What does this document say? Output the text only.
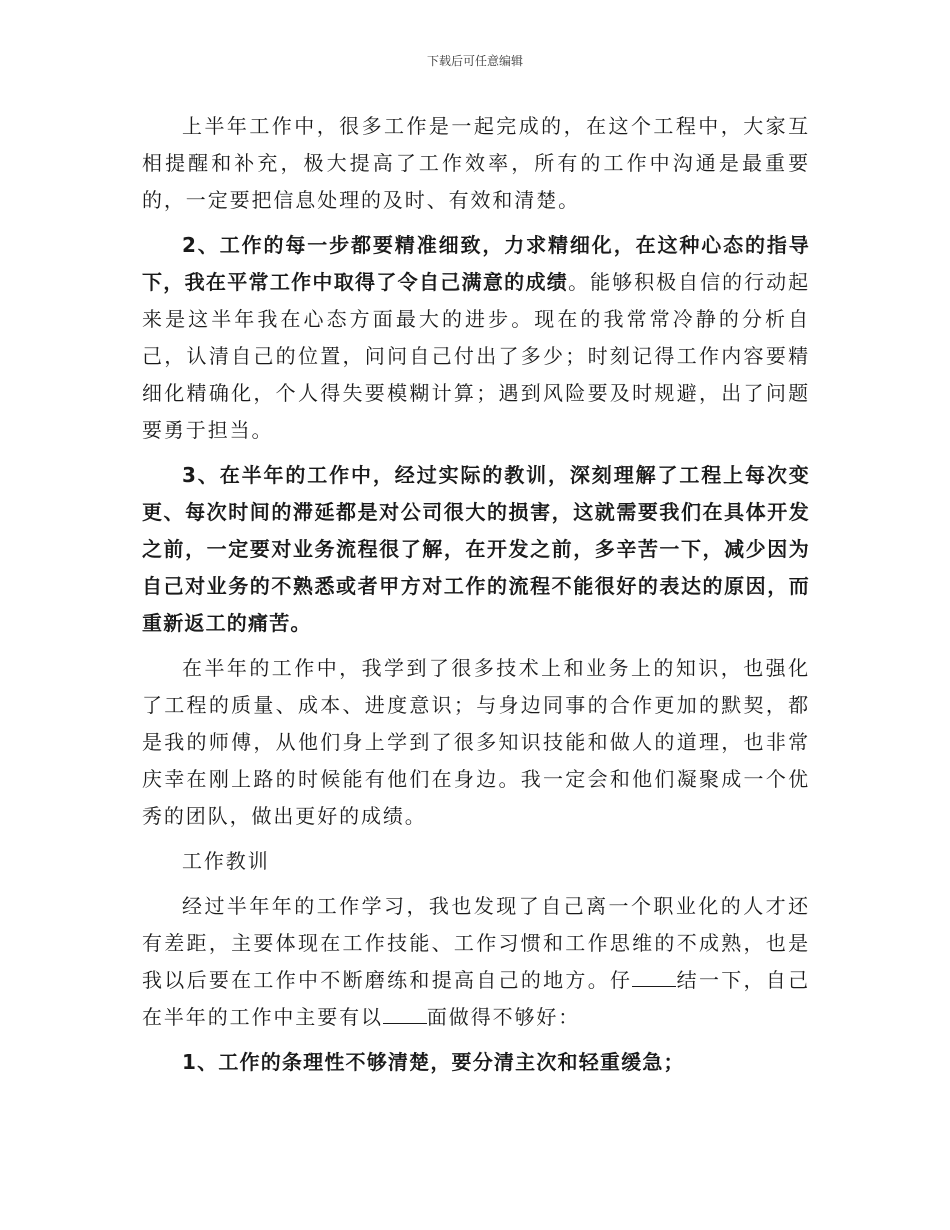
下载后可任意编辑

上半年工作中，很多工作是一起完成的，在这个工程中，大家互相提醒和补充，极大提高了工作效率，所有的工作中沟通是最重要的，一定要把信息处理的及时、有效和清楚。

2、工作的每一步都要精准细致，力求精细化，在这种心态的指导下，我在平常工作中取得了令自己满意的成绩。能够积极自信的行动起来是这半年我在心态方面最大的进步。现在的我常常冷静的分析自己，认清自己的位置，问问自己付出了多少；时刻记得工作内容要精细化精确化，个人得失要模糊计算；遇到风险要及时规避，出了问题要勇于担当。

3、在半年的工作中，经过实际的教训，深刻理解了工程上每次变更、每次时间的滞延都是对公司很大的损害，这就需要我们在具体开发之前，一定要对业务流程很了解，在开发之前，多辛苦一下，减少因为自己对业务的不熟悉或者甲方对工作的流程不能很好的表达的原因，而重新返工的痛苦。

在半年的工作中，我学到了很多技术上和业务上的知识，也强化了工程的质量、成本、进度意识；与身边同事的合作更加的默契，都是我的师傅，从他们身上学到了很多知识技能和做人的道理，也非常庆幸在刚上路的时候能有他们在身边。我一定会和他们凝聚成一个优秀的团队，做出更好的成绩。

工作教训

经过半年年的工作学习，我也发现了自己离一个职业化的人才还有差距，主要体现在工作技能、工作习惯和工作思维的不成熟，也是我以后要在工作中不断磨练和提高自己的地方。仔 结一下，自己在半年的工作中主要有以 面做得不够好：

1、工作的条理性不够清楚，要分清主次和轻重缓急；
